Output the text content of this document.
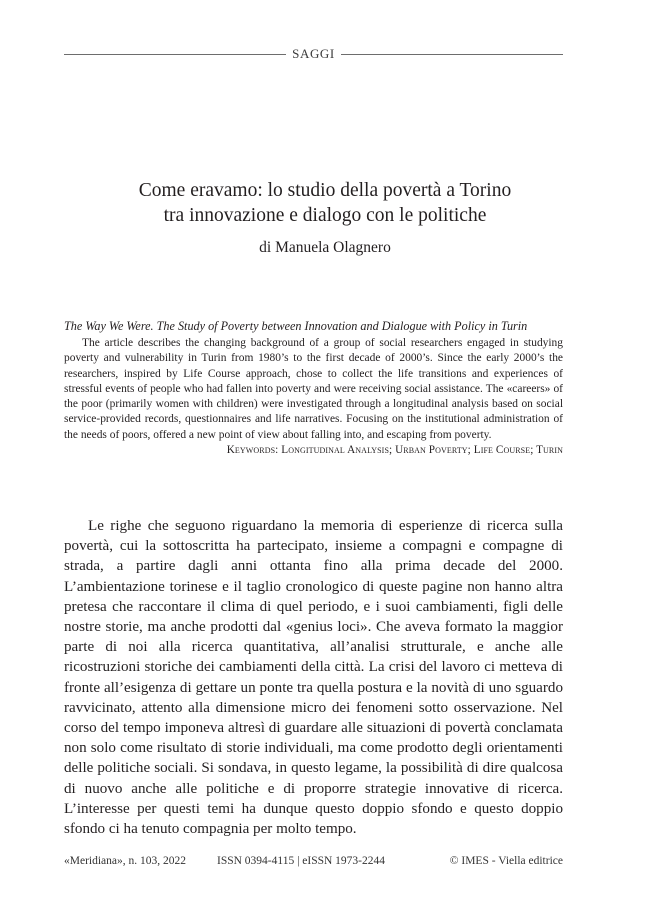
SAGGI
Come eravamo: lo studio della povertà a Torino
tra innovazione e dialogo con le politiche
di Manuela Olagnero
The Way We Were. The Study of Poverty between Innovation and Dialogue with Policy in Turin
The article describes the changing background of a group of social researchers engaged in studying poverty and vulnerability in Turin from 1980’s to the first decade of 2000’s. Since the early 2000’s the researchers, inspired by Life Course approach, chose to collect the life transitions and experiences of stressful events of people who had fallen into poverty and were receiving social assistance. The «careers» of the poor (primarily women with children) were investigated through a longitudinal analysis based on social service-provided records, questionnaires and life narratives. Focusing on the institutional administration of the needs of poors, offered a new point of view about falling into, and escaping from poverty.
Keywords: Longitudinal Analysis; Urban Poverty; Life Course; Turin

Le righe che seguono riguardano la memoria di esperienze di ricerca sulla povertà, cui la sottoscritta ha partecipato, insieme a compagni e compagne di strada, a partire dagli anni ottanta fino alla prima decade del 2000. L’ambientazione torinese e il taglio cronologico di queste pagine non hanno altra pretesa che raccontare il clima di quel periodo, e i suoi cambiamenti, figli delle nostre storie, ma anche prodotti dal «genius loci». Che aveva formato la maggior parte di noi alla ricerca quantitativa, all’analisi strutturale, e anche alle ricostruzioni storiche dei cambiamenti della città. La crisi del lavoro ci metteva di fronte all’esigenza di gettare un ponte tra quella postura e la novità di uno sguardo ravvicinato, attento alla dimensione micro dei fenomeni sotto osservazione. Nel corso del tempo imponeva altresì di guardare alle situazioni di povertà conclamata non solo come risultato di storie individuali, ma come prodotto degli orientamenti delle politiche sociali. Si sondava, in questo legame, la possibilità di dire qualcosa di nuovo anche alle politiche e di proporre strategie innovative di ricerca. L’interesse per questi temi ha dunque questo doppio sfondo e questo doppio sfondo ci ha tenuto compagnia per molto tempo.

«Meridiana», n. 103, 2022	ISSN 0394-4115 | eISSN 1973-2244	© IMES - Viella editrice
